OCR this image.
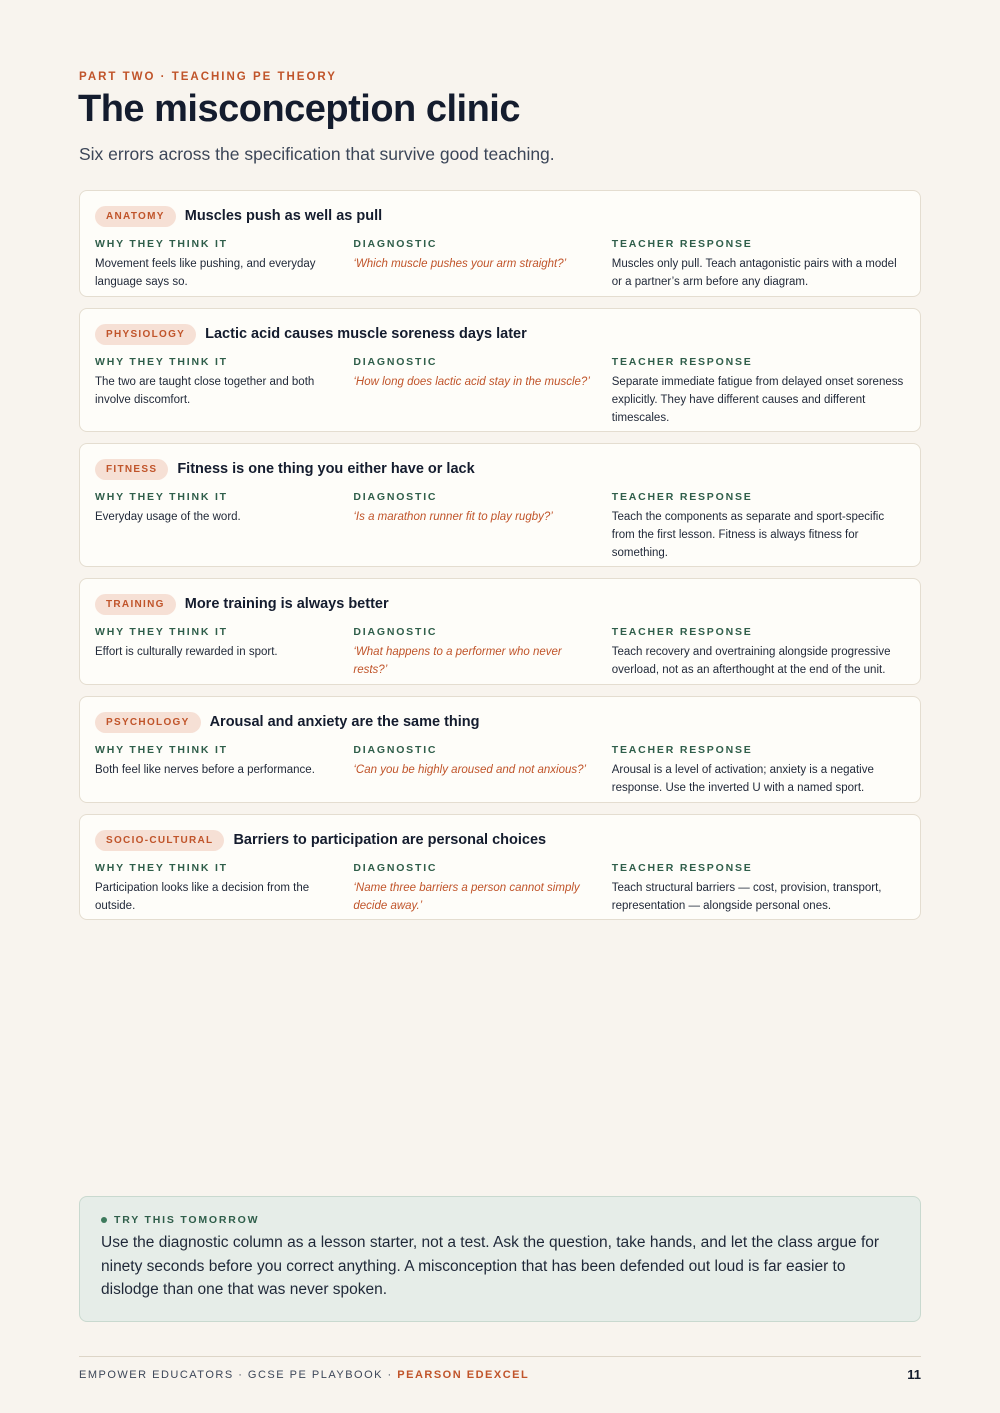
PART TWO · TEACHING PE THEORY
The misconception clinic

Six errors across the specification that survive good teaching.

ANATOMY	Muscles push as well as pull
WHY THEY THINK IT
Movement feels like pushing, and everyday language says so.
DIAGNOSTIC
‘Which muscle pushes your arm straight?’
TEACHER RESPONSE
Muscles only pull. Teach antagonistic pairs with a model or a partner’s arm before any diagram.
PHYSIOLOGY	Lactic acid causes muscle soreness days later
WHY THEY THINK IT
The two are taught close together and both involve discomfort.
DIAGNOSTIC
‘How long does lactic acid stay in the muscle?’
TEACHER RESPONSE
Separate immediate fatigue from delayed onset soreness explicitly. They have different causes and different timescales.
FITNESS	Fitness is one thing you either have or lack
WHY THEY THINK IT
Everyday usage of the word.
DIAGNOSTIC
‘Is a marathon runner fit to play rugby?’
TEACHER RESPONSE
Teach the components as separate and sport-specific from the first lesson. Fitness is always fitness for something.
TRAINING	More training is always better
WHY THEY THINK IT
Effort is culturally rewarded in sport.
DIAGNOSTIC
‘What happens to a performer who never rests?’
TEACHER RESPONSE
Teach recovery and overtraining alongside progressive overload, not as an afterthought at the end of the unit.
PSYCHOLOGY	Arousal and anxiety are the same thing
WHY THEY THINK IT
Both feel like nerves before a performance.
DIAGNOSTIC
‘Can you be highly aroused and not anxious?’
TEACHER RESPONSE
Arousal is a level of activation; anxiety is a negative response. Use the inverted U with a named sport.
SOCIO-CULTURAL	Barriers to participation are personal choices
WHY THEY THINK IT
Participation looks like a decision from the outside.
DIAGNOSTIC
‘Name three barriers a person cannot simply decide away.’
TEACHER RESPONSE
Teach structural barriers — cost, provision, transport, representation — alongside personal ones.
TRY THIS TOMORROW
Use the diagnostic column as a lesson starter, not a test. Ask the question, take hands, and let the class argue for ninety seconds before you correct anything. A misconception that has been defended out loud is far easier to dislodge than one that was never spoken.
EMPOWER EDUCATORS · GCSE PE PLAYBOOK · PEARSON EDEXCEL	11
